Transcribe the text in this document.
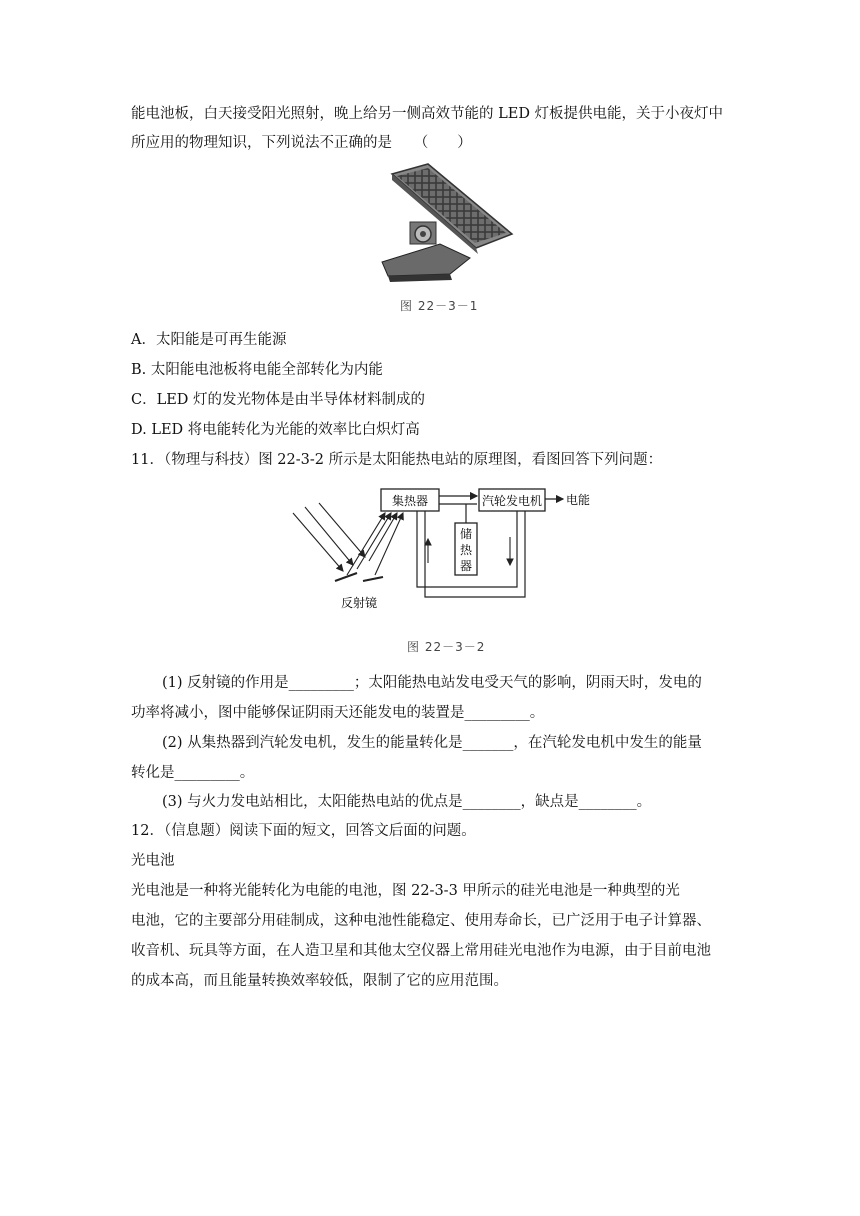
能电池板，白天接受阳光照射，晚上给另一侧高效节能的 LED 灯板提供电能，关于小夜灯中
所应用的物理知识，下列说法不正确的是　　（　　）
图 22－3－1
A．太阳能是可再生能源
B. 太阳能电池板将电能全部转化为内能
C．LED 灯的发光物体是由半导体材料制成的
D. LED 将电能转化为光能的效率比白炽灯高
11．（物理与科技）图 22-3-2 所示是太阳能热电站的原理图，看图回答下列问题：
集热器	汽轮发电机 电能
储
热
器
反射镜
图 22－3－2
(1) 反射镜的作用是_________；太阳能热电站发电受天气的影响，阴雨天时，发电的
功率将减小，图中能够保证阴雨天还能发电的装置是_________。
(2) 从集热器到汽轮发电机，发生的能量转化是_______，在汽轮发电机中发生的能量
转化是_________。
(3) 与火力发电站相比，太阳能热电站的优点是________，缺点是________。
12．（信息题）阅读下面的短文，回答文后面的问题。
光电池
光电池是一种将光能转化为电能的电池，图 22-3-3 甲所示的硅光电池是一种典型的光
电池，它的主要部分用硅制成，这种电池性能稳定、使用寿命长，已广泛用于电子计算器、
收音机、玩具等方面，在人造卫星和其他太空仪器上常用硅光电池作为电源，由于目前电池
的成本高，而且能量转换效率较低，限制了它的应用范围。
